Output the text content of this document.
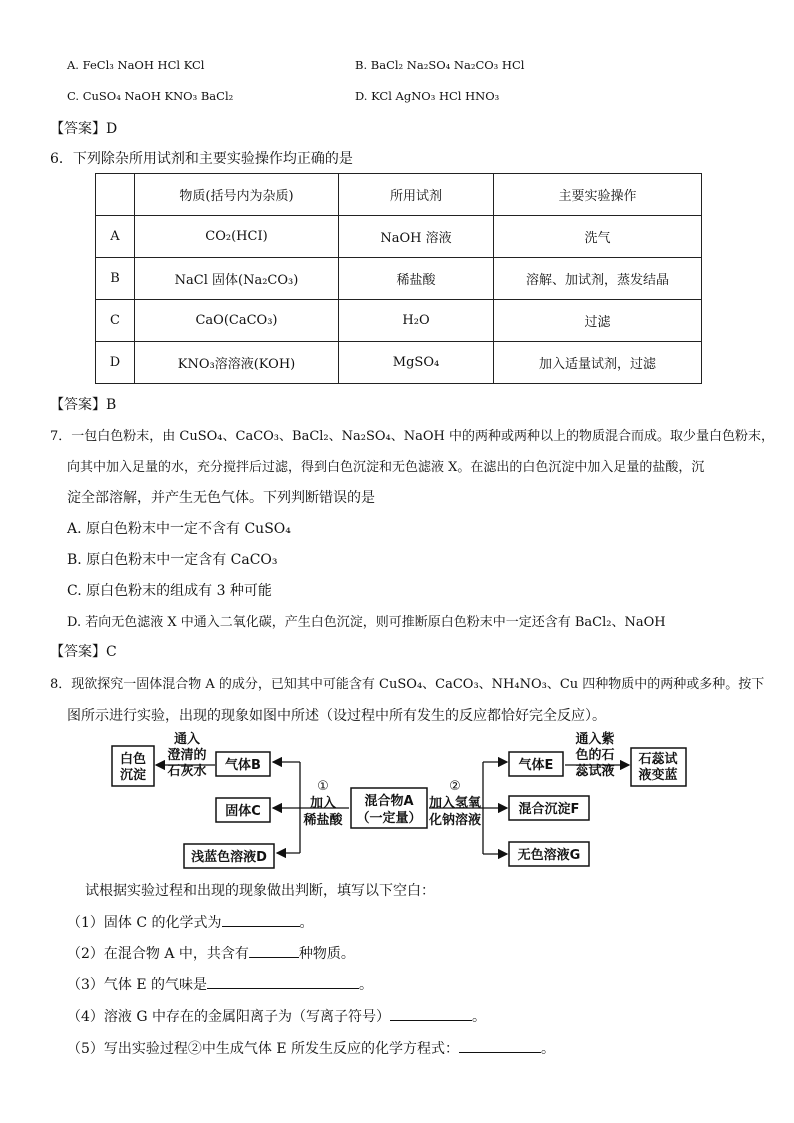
A. FeCl₃ NaOH HCl KCl	B. BaCl₂ Na₂SO₄ Na₂CO₃ HCl
C. CuSO₄ NaOH KNO₃ BaCl₂	D. KCl AgNO₃ HCl HNO₃
【答案】D
6．下列除杂所用试剂和主要实验操作均正确的是
	物质(括号内为杂质)	所用试剂	主要实验操作
A	CO₂(HCI)	NaOH 溶液	洗气
B	NaCl 固体(Na₂CO₃)	稀盐酸	溶解、加试剂，蒸发结晶
C	CaO(CaCO₃)	H₂O	过滤
D	KNO₃溶溶液(KOH)	MgSO₄	加入适量试剂，过滤
【答案】B
7．一包白色粉末，由 CuSO₄、CaCO₃、BaCl₂、Na₂SO₄、NaOH 中的两种或两种以上的物质混合而成。取少量白色粉末，
向其中加入足量的水，充分搅拌后过滤，得到白色沉淀和无色滤液 X。在滤出的白色沉淀中加入足量的盐酸，沉
淀全部溶解，并产生无色气体。下列判断错误的是
A. 原白色粉末中一定不含有 CuSO₄
B. 原白色粉末中一定含有 CaCO₃
C. 原白色粉末的组成有 3 种可能
D. 若向无色滤液 X 中通入二氧化碳，产生白色沉淀，则可推断原白色粉末中一定还含有 BaCl₂、NaOH
【答案】C
8．现欲探究一固体混合物 A 的成分，已知其中可能含有 CuSO₄、CaCO₃、NH₄NO₃、Cu 四种物质中的两种或多种。按下
图所示进行实验，出现的现象如图中所述（设过程中所有发生的反应都恰好完全反应）。
白色
沉淀
通入
澄清的
石灰水 气体B
固体C
浅蓝色溶液D
①
加入
稀盐酸
混合物A
（一定量）
②
加入氢氧
化钠溶液
气体E
通入紫
色的石
蕊试液
石蕊试
液变蓝
混合沉淀F
无色溶液G
试根据实验过程和出现的现象做出判断，填写以下空白：
（1）固体 C 的化学式为	。
（2）在混合物 A 中，共含有	种物质。
（3）气体 E 的气味是	。
（4）溶液 G 中存在的金属阳离子为（写离子符号）	。
（5）写出实验过程②中生成气体 E 所发生反应的化学方程式：	。
